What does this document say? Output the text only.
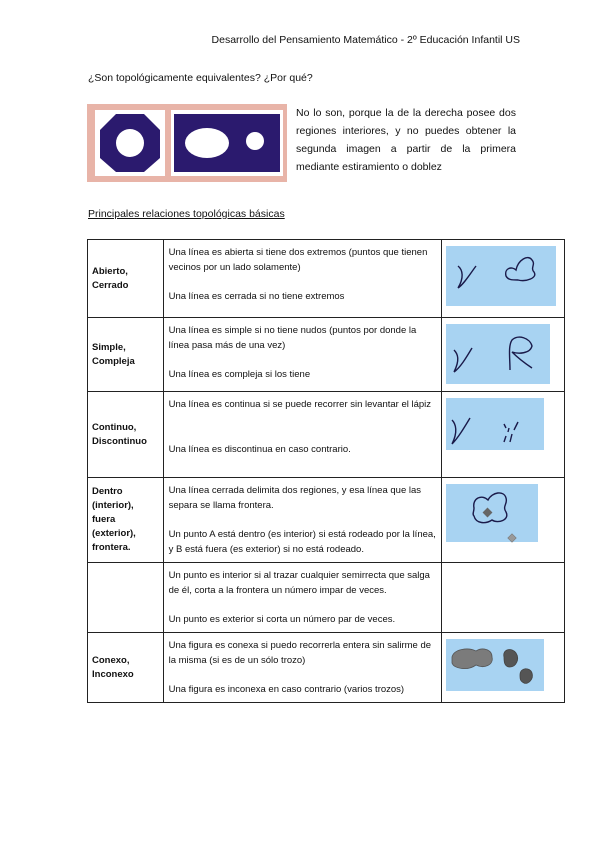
Desarrollo del Pensamiento Matemático - 2º Educación Infantil US
¿Son topológicamente equivalentes? ¿Por qué?
No lo son, porque la de la derecha posee dos regiones interiores, y no puedes obtener la segunda imagen a partir de la primera mediante estiramiento o doblez
Principales relaciones topológicas básicas
Abierto, Cerrado	Una línea es abierta si tiene dos extremos (puntos que tienen vecinos por un lado solamente)

Una línea es cerrada si no tiene extremos

Simple, Compleja	Una línea es simple si no tiene nudos (puntos por donde la línea pasa más de una vez)

Una línea es compleja si los tiene

Continuo, Discontinuo	Una línea es continua si se puede recorrer sin levantar el lápiz

Una línea es discontinua en caso contrario.

Dentro (interior), fuera (exterior), frontera.	Una línea cerrada delimita dos regiones, y esa línea que las separa se llama frontera.

Un punto A está dentro (es interior) si está rodeado por la línea, y B está fuera (es exterior) si no está rodeado.

	Un punto es interior si al trazar cualquier semirrecta que salga de él, corta a la frontera un número impar de veces.

Un punto es exterior si corta un número par de veces.	

Conexo, Inconexo	Una figura es conexa si puedo recorrerla entera sin salirme de la misma (si es de un sólo trozo)

Una figura es inconexa en caso contrario (varios trozos)
